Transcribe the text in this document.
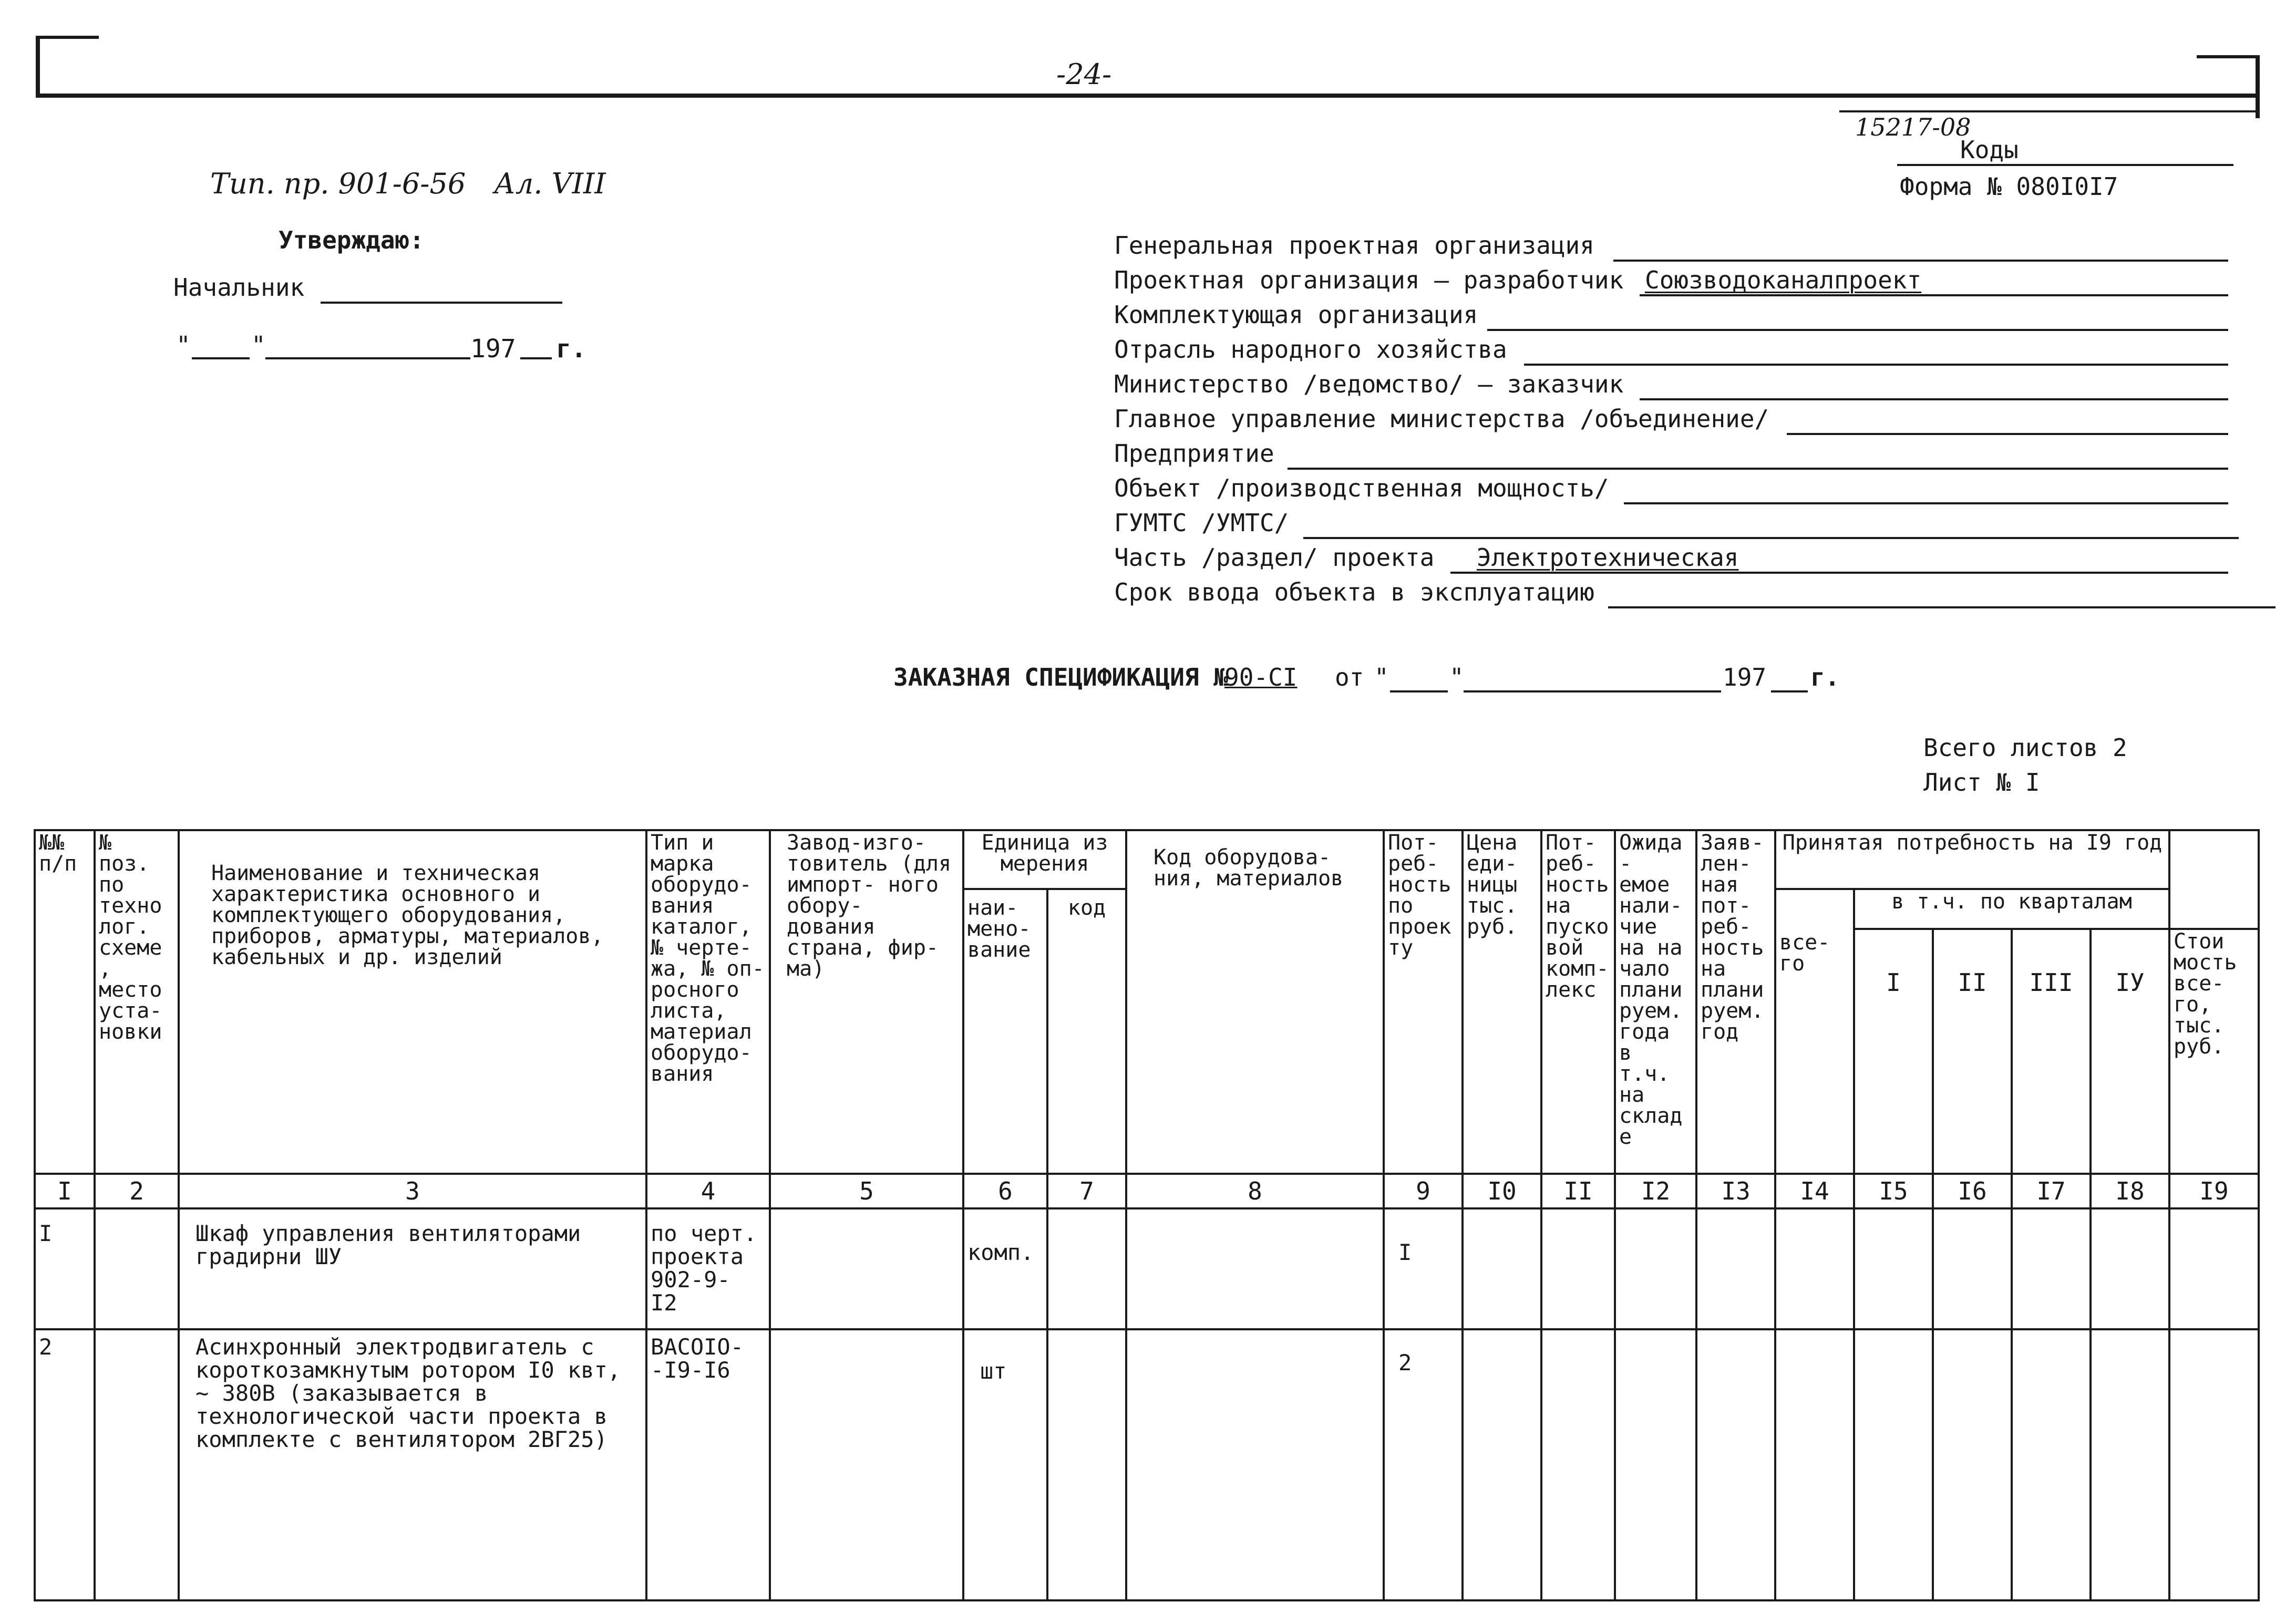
-24-
15217-08
Коды
Форма № 080I0I7
Тип. пр. 901-6-56 Ал. VIII
Утверждаю:
Начальник
"	"	197 г.
Генеральная проектная организация
Проектная организация – разработчик Союзводоканалпроект
Комплектующая организация
Отрасль народного хозяйства
Министерство /ведомство/ – заказчик
Главное управление министерства /объединение/
Предприятие
Объект /производственная мощность/
ГУМТС /УМТС/
Часть /раздел/ проекта Электротехническая
Срок ввода объекта в эксплуатацию
ЗАКАЗНАЯ СПЕЦИФИКАЦИЯ №
90-CI от "	"	197 г.
Всего листов 2
Лист № I
№№ п/п	№ поз. по техно лог. схеме, место уста- новки	Наименование и техническая характеристика основного и комплектующего оборудования, приборов, арматуры, материалов, кабельных и др. изделий	Тип и марка оборудо- вания каталог, № черте- жа, № оп- росного листа, материал оборудо- вания	Завод-изго- товитель (для импорт- ного обору- дования страна, фир- ма)	Единица из мерения		Код оборудова- ния, материалов	Пот- реб- ность по проек ту	Цена еди- ницы тыс. руб.	Пот- реб- ность на пуско вой комп- лекс	Ожида- емое нали- чие на на чало плани руем. года в т.ч. на складе	Заяв- лен- ная пот- реб- ность на плани руем. год	Принятая потребность на I9 год					
					наи- мено- вание	код							все- го	в т.ч. по кварталам				
														I	II	III	IУ	Стои мость все- го, тыс. руб.
I	2	3	4	5	6	7	8	9	I0	II	I2	I3	I4	I5	I6	I7	I8	I9
I		Шкаф управления вентиляторами градирни ШУ	по черт. проекта 902-9- I2		комп.			I										
2		Асинхронный электродвигатель с короткозамкнутым ротором I0 квт, ~ 380В (заказывается в технологической части проекта в комплекте с вентилятором 2ВГ25)	BACOIO- -I9-I6		шт			2										
